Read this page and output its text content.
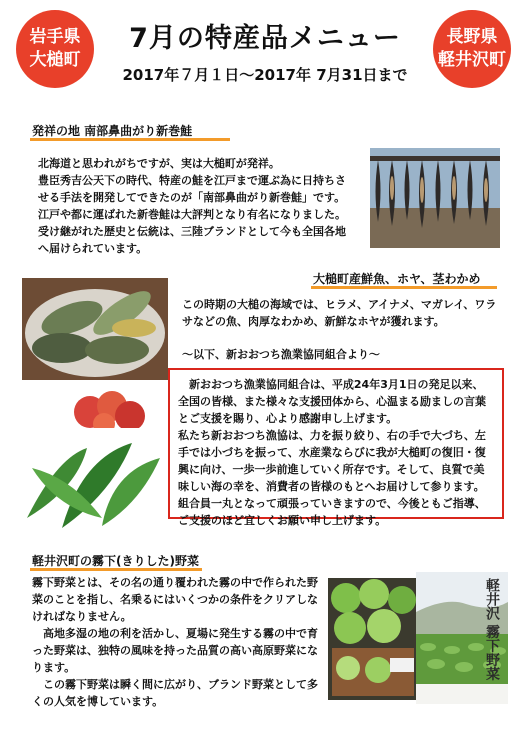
岩手県
大槌町
長野県
軽井沢町
7月の特産品メニュー
2017年７月１日〜2017年 7月31日まで
発祥の地 南部鼻曲がり新巻鮭

北海道と思われがちですが、実は大槌町が発祥。

豊臣秀吉公天下の時代、特産の鮭を江戸まで運ぶ為に日持ちさせる手法を開発してできたのが「南部鼻曲がり新巻鮭」です。

江戸や都に運ばれた新巻鮭は大評判となり有名になりました。

受け継がれた歴史と伝統は、三陸ブランドとして今も全国各地へ届けられています。

大槌町産鮮魚、ホヤ、茎わかめ
この時期の大槌の海域では、ヒラメ、アイナメ、マガレイ、ワラサなどの魚、肉厚なわかめ、新鮮なホヤが獲れます。
〜以下、新おおつち漁業協同組合より〜

　新おおつち漁業協同組合は、平成24年3月1日の発足以来、全国の皆様、また様々な支援団体から、心温まる励ましの言葉とご支援を賜り、心より感謝申し上げます。

私たち新おおつち漁協は、力を振り絞り、右の手で大づち、左手では小づちを振って、水産業ならびに我が大槌町の復旧・復興に向け、一歩一歩前進していく所存です。そして、良質で美味しい海の幸を、消費者の皆様のもとへお届けして参ります。組合員一丸となって頑張っていきますので、今後ともご指導、ご支援のほど宜しくお願い申し上げます。

軽井沢町の霧下(きりした)野菜

霧下野菜とは、その名の通り覆われた霧の中で作られた野菜のことを指し、名乗るにはいくつかの条件をクリアしなければなりません。

　高地多湿の地の利を活かし、夏場に発生する霧の中で育った野菜は、独特の風味を持った品質の高い高原野菜になります。

　この霧下野菜は瞬く間に広がり、ブランド野菜として多くの人気を博しています。

軽井沢 霧下野菜
